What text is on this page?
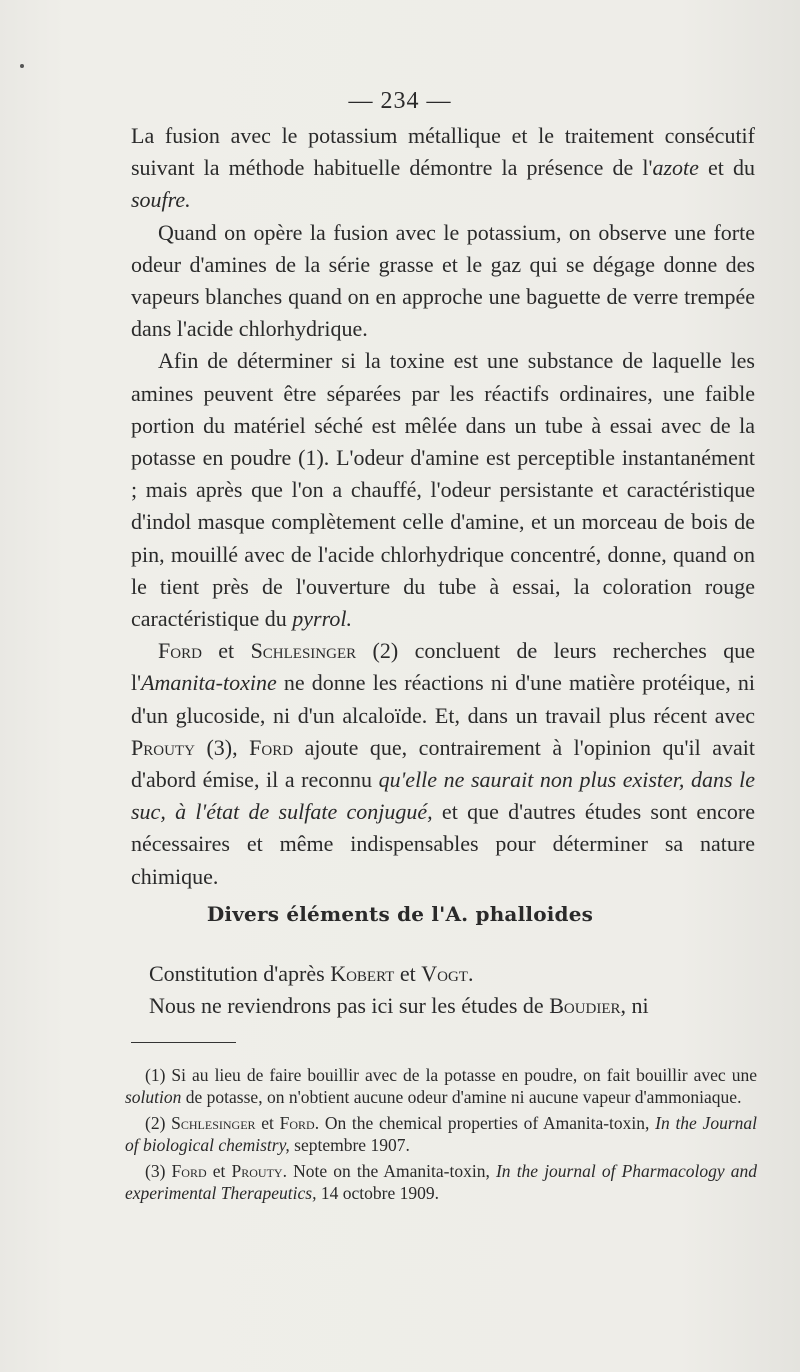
— 234 —

La fusion avec le potassium métallique et le traitement consécutif suivant la méthode habituelle démontre la présence de l'azote et du soufre.

Quand on opère la fusion avec le potassium, on observe une forte odeur d'amines de la série grasse et le gaz qui se dégage donne des vapeurs blanches quand on en approche une baguette de verre trempée dans l'acide chlorhydrique.

Afin de déterminer si la toxine est une substance de laquelle les amines peuvent être séparées par les réactifs ordinaires, une faible portion du matériel séché est mêlée dans un tube à essai avec de la potasse en poudre (1). L'odeur d'amine est perceptible instantanément ; mais après que l'on a chauffé, l'odeur persistante et caractéristique d'indol masque complètement celle d'amine, et un morceau de bois de pin, mouillé avec de l'acide chlorhydrique concentré, donne, quand on le tient près de l'ouverture du tube à essai, la coloration rouge caractéristique du pyrrol.

Ford et Schlesinger (2) concluent de leurs recherches que l'Amanita-toxine ne donne les réactions ni d'une matière protéique, ni d'un glucoside, ni d'un alcaloïde. Et, dans un travail plus récent avec Prouty (3), Ford ajoute que, contrairement à l'opinion qu'il avait d'abord émise, il a reconnu qu'elle ne saurait non plus exister, dans le suc, à l'état de sulfate conjugué, et que d'autres études sont encore nécessaires et même indispensables pour déterminer sa nature chimique.

Divers éléments de l'A. phalloides

Constitution d'après Kobert et Vogt.

Nous ne reviendrons pas ici sur les études de Boudier, ni

(1) Si au lieu de faire bouillir avec de la potasse en poudre, on fait bouillir avec une solution de potasse, on n'obtient aucune odeur d'amine ni aucune vapeur d'ammoniaque.

(2) Schlesinger et Ford. On the chemical properties of Amanita-toxin, In the Journal of biological chemistry, septembre 1907.

(3) Ford et Prouty. Note on the Amanita-toxin, In the journal of Pharmacology and experimental Therapeutics, 14 octobre 1909.
